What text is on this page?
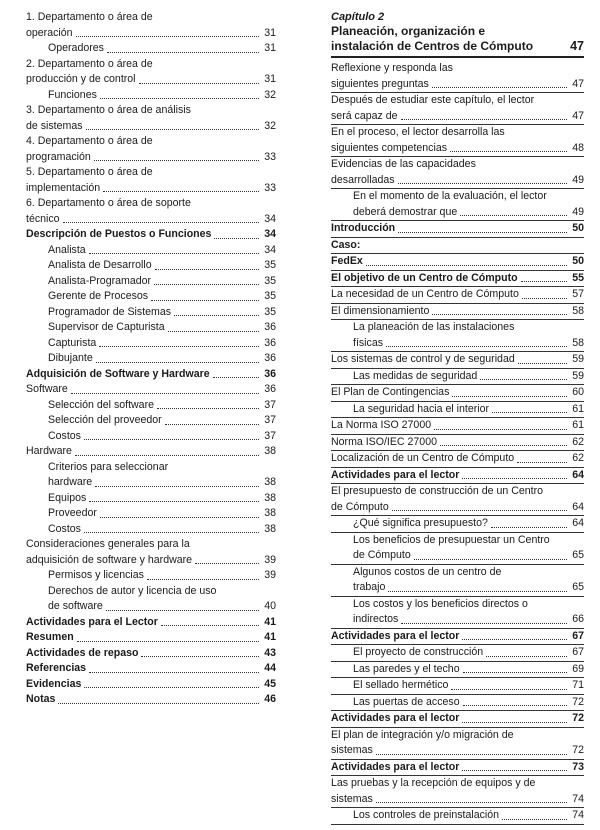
1. Departamento o área de
operación	31
Operadores	31
2. Departamento o área de
producción y de control	31
Funciones	32
3. Departamento o área de análisis
de sistemas	32
4. Departamento o área de
programación	33
5. Departamento o área de
implementación	33
6. Departamento o área de soporte
técnico	34
Descripción de Puestos o Funciones	34
Analista	34
Analista de Desarrollo	35
Analista-Programador	35
Gerente de Procesos	35
Programador de Sistemas	35
Supervisor de Capturista	36
Capturista	36
Dibujante	36
Adquisición de Software y Hardware	36
Software	36
Selección del software	37
Selección del proveedor	37
Costos	37
Hardware	38
Criterios para seleccionar
hardware	38
Equipos	38
Proveedor	38
Costos	38
Consideraciones generales para la
adquisición de software y hardware	39
Permisos y licencias	39
Derechos de autor y licencia de uso
de software	40
Actividades para el Lector	41
Resumen	41
Actividades de repaso	43
Referencias	44
Evidencias	45
Notas	46
Capítulo 2
Planeación, organización e
instalación de Centros de Cómputo	47
Reflexione y responda las
siguientes preguntas	47
Después de estudiar este capítulo, el lector
será capaz de	47
En el proceso, el lector desarrolla las
siguientes competencias	48
Evidencias de las capacidades
desarrolladas	49
En el momento de la evaluación, el lector
deberá demostrar que	49
Introducción	50
Caso:
FedEx	50
El objetivo de un Centro de Cómputo	55
La necesidad de un Centro de Cómputo	57
El dimensionamiento	58
La planeación de las instalaciones
físicas	58
Los sistemas de control y de seguridad	59
Las medidas de seguridad	59
El Plan de Contingencias	60
La seguridad hacia el interior	61
La Norma ISO 27000	61
Norma ISO/IEC 27000	62
Localización de un Centro de Cómputo	62
Actividades para el lector	64
El presupuesto de construcción de un Centro
de Cómputo	64
¿Qué significa presupuesto?	64
Los beneficios de presupuestar un Centro
de Cómputo	65
Algunos costos de un centro de
trabajo	65
Los costos y los beneficios directos o
indirectos	66
Actividades para el lector	67
El proyecto de construcción	67
Las paredes y el techo	69
El sellado hermético	71
Las puertas de acceso	72
Actividades para el lector	72
El plan de integración y/o migración de
sistemas	72
Actividades para el lector	73
Las pruebas y la recepción de equipos y de
sistemas	74
Los controles de preinstalación	74
